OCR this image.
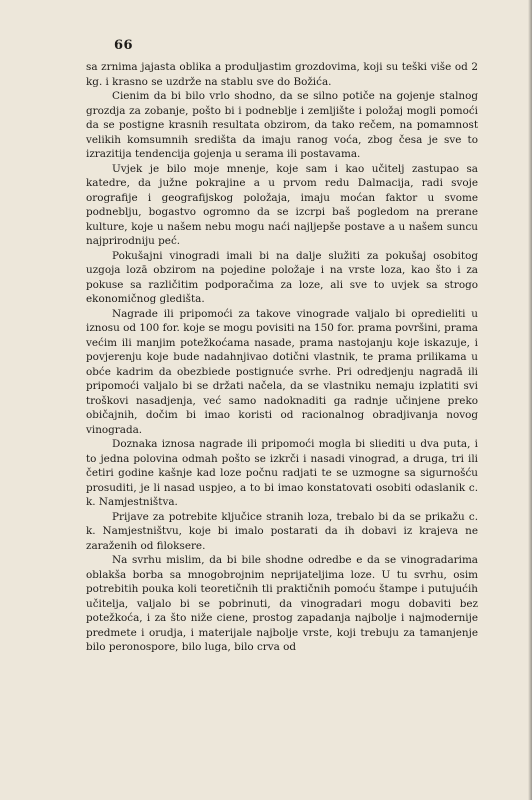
66

sa zrnima jajasta oblika a produljastim grozdovima, koji su teški više od 2 kg. i krasno se uzdrže na stablu sve do Božića.

Cienim da bi bilo vrlo shodno, da se silno potiče na gojenje stalnog grozdja za zobanje, pošto bi i podneblje i zemljište i položaj mogli pomoći da se postigne krasnih resultata obzirom, da tako rečem, na pomamnost velikih komsumnih središta da imaju ranog voća, zbog česa je sve to izrazitija tendencija gojenja u serama ili postavama.

Uvjek je bilo moje mnenje, koje sam i kao učitelj zastupao sa katedre, da južne pokrajine a u prvom redu Dalmacija, radi svoje orografije i geografijskog položaja, imaju moćan faktor u svome podneblju, bogastvo ogromno da se izcrpi baš pogledom na prerane kulture, koje u našem nebu mogu naći najljepše postave a u našem suncu najprirodniju peć.

Pokušajni vinogradi imali bi na dalje služiti za pokušaj osobitog uzgoja lozā obzirom na pojedine položaje i na vrste loza, kao što i za pokuse sa različitim podporačima za loze, ali sve to uvjek sa strogo ekonomičnog gledišta.

Nagrade ili pripomoći za takove vinograde valjalo bi opredieliti u iznosu od 100 for. koje se mogu povisiti na 150 for. prama površini, prama većim ili manjim potežkoćama nasade, prama nastojanju koje iskazuje, i povjerenju koje bude nadahnjivao dotični vlastnik, te prama prilikama u obće kadrim da obezbiede postignuće svrhe. Pri odredjenju nagradā ili pripomoći valjalo bi se držati načela, da se vlastniku nemaju izplatiti svi troškovi nasadjenja, već samo nadoknaditi ga radnje učinjene preko običajnih, dočim bi imao koristi od racionalnog obradjivanja novog vinograda.

Doznaka iznosa nagrade ili pripomoći mogla bi sliediti u dva puta, i to jedna polovina odmah pošto se izkrči i nasadi vinograd, a druga, tri ili četiri godine kašnje kad loze počnu radjati te se uzmogne sa sigurnošću prosuditi, je li nasad uspjeo, a to bi imao konstatovati osobiti odaslanik c. k. Namjestništva.

Prijave za potrebite ključice stranih loza, trebalo bi da se prikažu c. k. Namjestništvu, koje bi imalo postarati da ih dobavi iz krajeva ne zaraženih od filoksere.

Na svrhu mislim, da bi bile shodne odredbe e da se vinogradarima oblakša borba sa mnogobrojnim neprijateljima loze. U tu svrhu, osim potrebitih pouka koli teoretičnih tli praktičnih pomoću štampe i putujućih učitelja, valjalo bi se pobrinuti, da vinogradari mogu dobaviti bez potežkoća, i za što niže ciene, prostog zapadanja najbolje i najmodernije predmete i orudja, i materijale najbolje vrste, koji trebuju za tamanjenje bilo peronospore, bilo luga, bilo crva od
